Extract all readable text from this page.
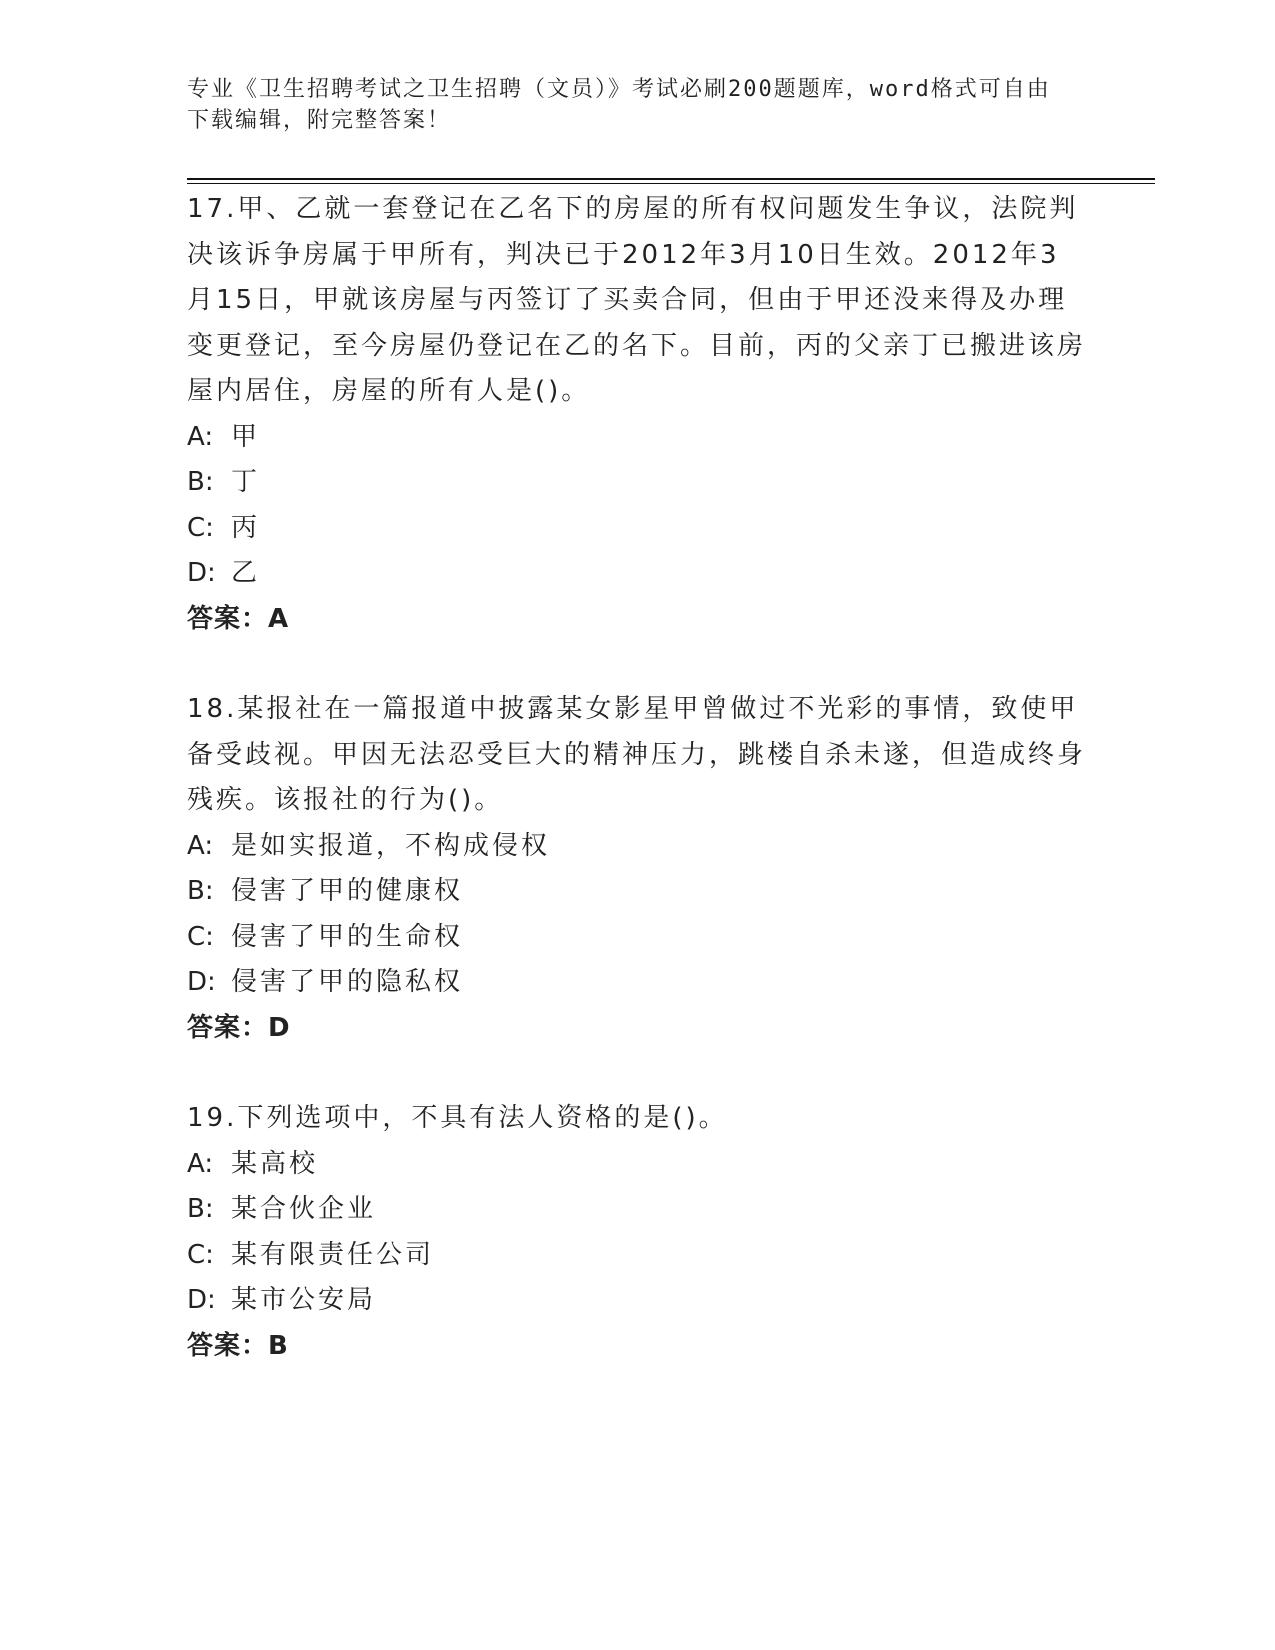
专业《卫生招聘考试之卫生招聘（文员）》考试必刷200题题库，word格式可自由下载编辑，附完整答案！

17.甲、乙就一套登记在乙名下的房屋的所有权问题发生争议，法院判决该诉争房属于甲所有，判决已于2012年3月10日生效。2012年3月15日，甲就该房屋与丙签订了买卖合同，但由于甲还没来得及办理变更登记，至今房屋仍登记在乙的名下。目前，丙的父亲丁已搬进该房屋内居住，房屋的所有人是()。

A: 甲

B: 丁

C: 丙

D: 乙

答案：A

18.某报社在一篇报道中披露某女影星甲曾做过不光彩的事情，致使甲备受歧视。甲因无法忍受巨大的精神压力，跳楼自杀未遂，但造成终身残疾。该报社的行为()。

A: 是如实报道，不构成侵权

B: 侵害了甲的健康权

C: 侵害了甲的生命权

D: 侵害了甲的隐私权

答案：D

19.下列选项中，不具有法人资格的是()。

A: 某高校

B: 某合伙企业

C: 某有限责任公司

D: 某市公安局

答案：B
